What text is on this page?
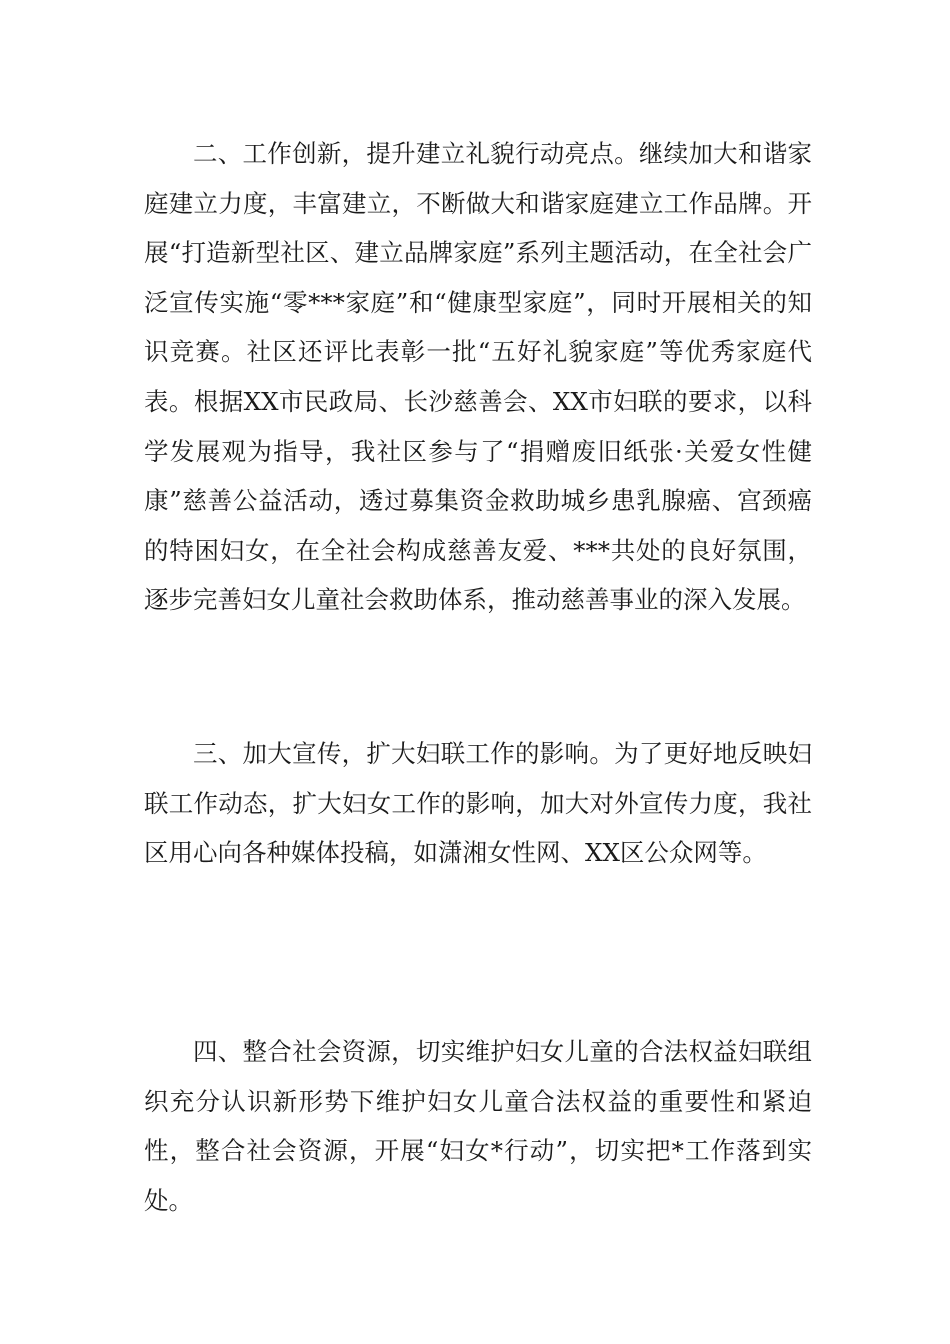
二、工作创新，提升建立礼貌行动亮点。继续加大和谐家庭建立力度，丰富建立，不断做大和谐家庭建立工作品牌。开展“打造新型社区、建立品牌家庭”系列主题活动，在全社会广泛宣传实施“零***家庭”和“健康型家庭”，同时开展相关的知识竞赛。社区还评比表彰一批“五好礼貌家庭”等优秀家庭代表。根据XX市民政局、长沙慈善会、XX市妇联的要求，以科学发展观为指导，我社区参与了“捐赠废旧纸张·关爱女性健康”慈善公益活动，透过募集资金救助城乡患乳腺癌、宫颈癌的特困妇女，在全社会构成慈善友爱、***共处的良好氛围，逐步完善妇女儿童社会救助体系，推动慈善事业的深入发展。

三、加大宣传，扩大妇联工作的影响。为了更好地反映妇联工作动态，扩大妇女工作的影响，加大对外宣传力度，我社区用心向各种媒体投稿，如潇湘女性网、XX区公众网等。

四、整合社会资源，切实维护妇女儿童的合法权益妇联组织充分认识新形势下维护妇女儿童合法权益的重要性和紧迫性，整合社会资源，开展“妇女*行动”，切实把*工作落到实处。
